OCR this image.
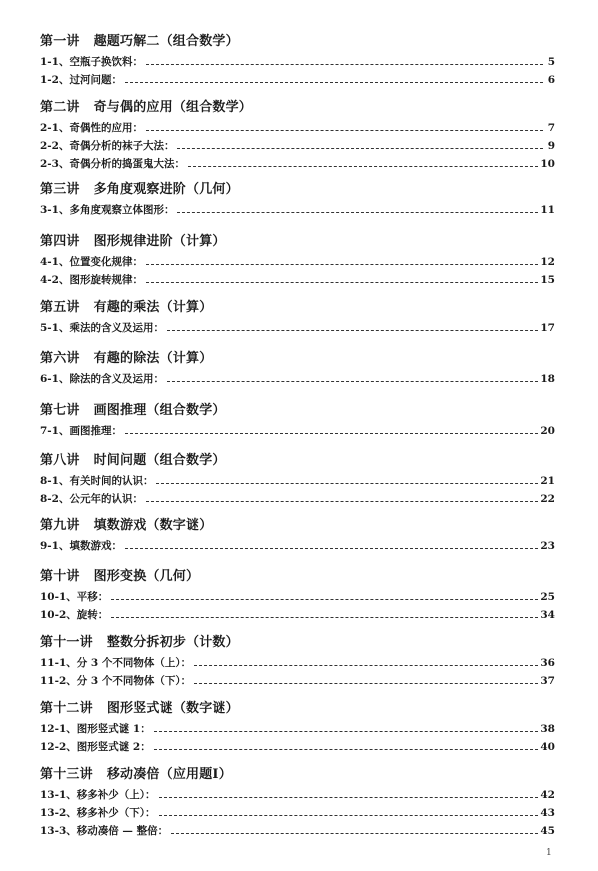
第一讲 趣题巧解二（组合数学）
1-1、空瓶子换饮料：	5
1-2、过河问题：	6
第二讲 奇与偶的应用（组合数学）
2-1、奇偶性的应用：	7
2-2、奇偶分析的袜子大法：	9
2-3、奇偶分析的捣蛋鬼大法：	10
第三讲 多角度观察进阶（几何）
3-1、多角度观察立体图形：	11
第四讲 图形规律进阶（计算）
4-1、位置变化规律：	12
4-2、图形旋转规律：	15
第五讲 有趣的乘法（计算）
5-1、乘法的含义及运用：	17
第六讲 有趣的除法（计算）
6-1、除法的含义及运用：	18
第七讲 画图推理（组合数学）
7-1、画图推理：	20
第八讲 时间问题（组合数学）
8-1、有关时间的认识：	21
8-2、公元年的认识：	22
第九讲 填数游戏（数字谜）
9-1、填数游戏：	23
第十讲 图形变换（几何）
10-1、平移：	25
10-2、旋转：	34
第十一讲 整数分拆初步（计数）
11-1、分 3 个不同物体（上）：	36
11-2、分 3 个不同物体（下）：	37
第十二讲 图形竖式谜（数字谜）
12-1、图形竖式谜 1：	38
12-2、图形竖式谜 2：	40
第十三讲 移动凑倍（应用题Ⅰ）
13-1、移多补少（上）：	42
13-2、移多补少（下）：	43
13-3、移动凑倍 — 整倍：	45
1
